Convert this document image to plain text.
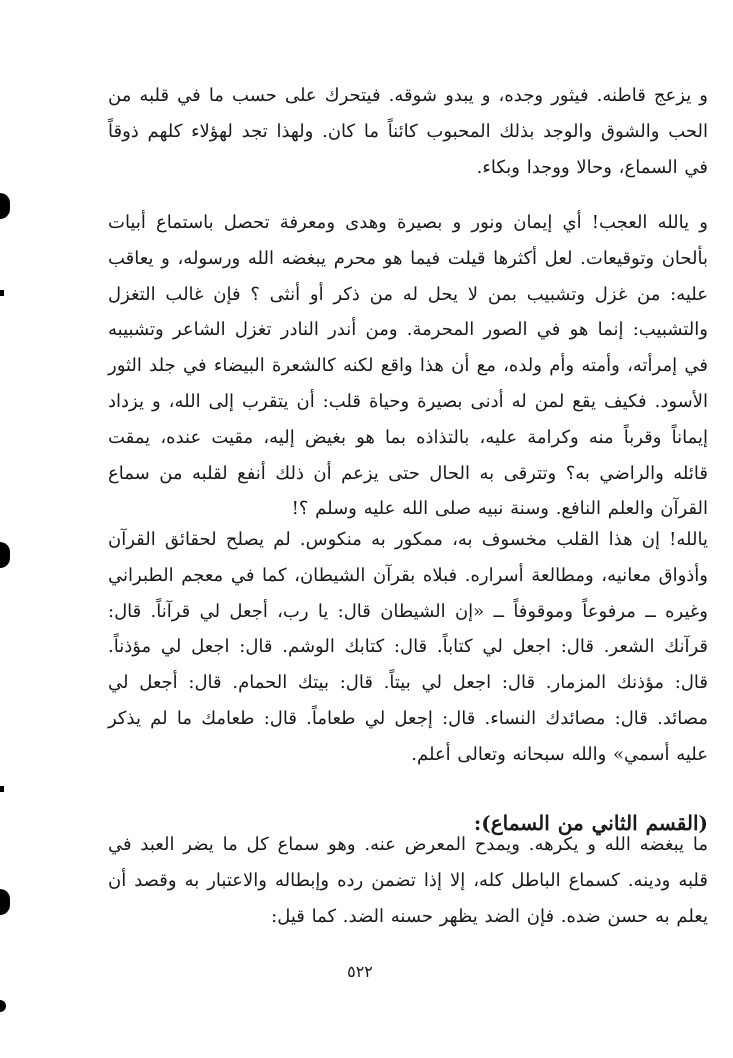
و يزعج قاطنه. فيثور وجده، و يبدو شوقه. فيتحرك على حسب ما في قلبه من الحب والشوق والوجد بذلك المحبوب كائناً ما كان. ولهذا تجد لهؤلاء كلهم ذوقاً في السماع، وحالا ووجدا وبكاء.

و يالله العجب! أي إيمان ونور و بصيرة وهدى ومعرفة تحصل باستماع أبيات بألحان وتوقيعات. لعل أكثرها قيلت فيما هو محرم يبغضه الله ورسوله، و يعاقب عليه: من غزل وتشبيب بمن لا يحل له من ذكر أو أنثى ؟ فإن غالب التغزل والتشبيب: إنما هو في الصور المحرمة. ومن أندر النادر تغزل الشاعر وتشبيبه في إمرأته، وأمته وأم ولده، مع أن هذا واقع لكنه كالشعرة البيضاء في جلد الثور الأسود. فكيف يقع لمن له أدنى بصيرة وحياة قلب: أن يتقرب إلى الله، و يزداد إيماناً وقرباً منه وكرامة عليه، بالتذاذه بما هو بغيض إليه، مقيت عنده، يمقت قائله والراضي به؟ وتترقى به الحال حتى يزعم أن ذلك أنفع لقلبه من سماع القرآن والعلم النافع. وسنة نبيه صلى الله عليه وسلم ؟!

يالله! إن هذا القلب مخسوف به، ممكور به منكوس. لم يصلح لحقائق القرآن وأذواق معانيه، ومطالعة أسراره. فبلاه بقرآن الشيطان، كما في معجم الطبراني وغيره ــ مرفوعاً وموقوفاً ــ «إن الشيطان قال: يا رب، أجعل لي قرآناً. قال: قرآنك الشعر. قال: اجعل لي كتاباً. قال: كتابك الوشم. قال: اجعل لي مؤذناً. قال: مؤذنك المزمار. قال: اجعل لي بيتاً. قال: بيتك الحمام. قال: أجعل لي مصائد. قال: مصائدك النساء. قال: إجعل لي طعاماً. قال: طعامك ما لم يذكر عليه أسمي» والله سبحانه وتعالى أعلم.

(القسم الثاني من السماع):

ما يبغضه الله و يكرهه. ويمدح المعرض عنه. وهو سماع كل ما يضر العبد في قلبه ودينه. كسماع الباطل كله، إلا إذا تضمن رده وإبطاله والاعتبار به وقصد أن يعلم به حسن ضده. فإن الضد يظهر حسنه الضد. كما قيل:

٥٢٢
